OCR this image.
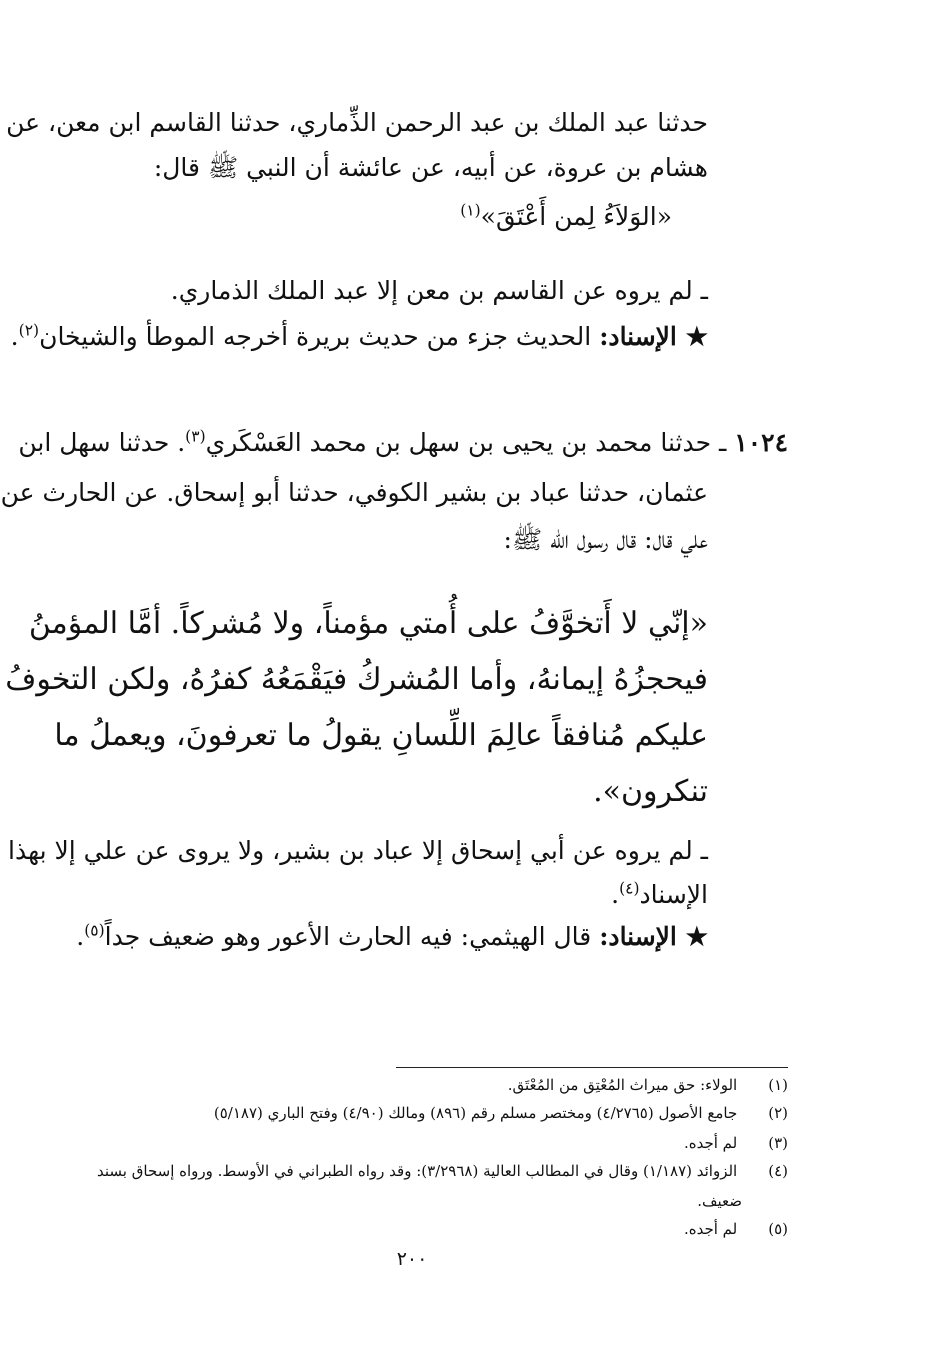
حدثنا عبد الملك بن عبد الرحمن الذِّماري، حدثنا القاسم ابن معن، عن
هشام بن عروة، عن أبيه، عن عائشة أن النبي ﷺ قال:
«الوَلاَءُ لِمن أَعْتَقَ»$^{(١)}$
ـ لم يروه عن القاسم بن معن إلا عبد الملك الذماري.
★ الإسناد: الحديث جزء من حديث بريرة أخرجه الموطأ والشيخان$^{(٢)}$.
١٠٢٤ ـ حدثنا محمد بن يحيى بن سهل بن محمد العَسْكَري$^{(٣)}$. حدثنا سهل ابن
عثمان، حدثنا عباد بن بشير الكوفي، حدثنا أبو إسحاق. عن الحارث عن
علي قال: قال رسول الله ﷺ:
«إنّي لا أَتخوَّفُ على أُمتي مؤمناً، ولا مُشركاً. أمَّا المؤمنُ
فيحجزُهُ إيمانهُ، وأما المُشركُ فيَقْمَعُهُ كفرُهُ، ولكن التخوفُ
عليكم مُنافقاً عالِمَ اللِّسانِ يقولُ ما تعرفونَ، ويعملُ ما
تنكرون».
ـ لم يروه عن أبي إسحاق إلا عباد بن بشير، ولا يروى عن علي إلا بهذا
الإسناد$^{(٤)}$.
★ الإسناد: قال الهيثمي: فيه الحارث الأعور وهو ضعيف جداً$^{(٥)}$.
(١) الولاء: حق ميراث المُعْتِق من المُعْتَق.
(٢) جامع الأصول (٤/٢٧٦٥) ومختصر مسلم رقم (٨٩٦) ومالك (٤/٩٠) وفتح الباري (٥/١٨٧)
(٣) لم أجده.
(٤) الزوائد (١/١٨٧) وقال في المطالب العالية (٣/٢٩٦٨): وقد رواه الطبراني في الأوسط. ورواه إسحاق بسند
ضعيف.
(٥) لم أجده.
٢٠٠
